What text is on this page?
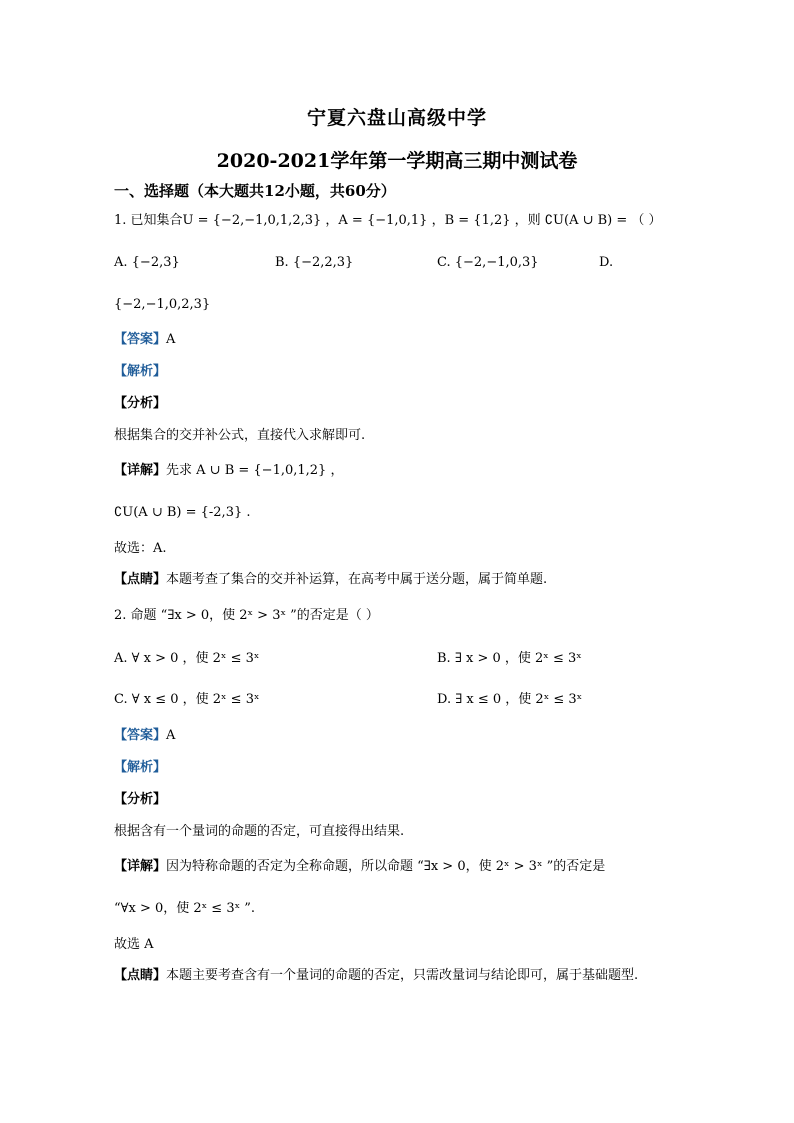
宁夏六盘山高级中学
2020-2021学年第一学期高三期中测试卷
一、选择题（本大题共12小题，共60分）
1. 已知集合U = {−2,−1,0,1,2,3} ，A = {−1,0,1} ，B = {1,2} ，则 ∁U(A ∪ B) = （ ）
A. {−2,3}	B. {−2,2,3}	C. {−2,−1,0,3}	D.
{−2,−1,0,2,3}
【答案】A
【解析】
【分析】
根据集合的交并补公式，直接代入求解即可.
【详解】先求 A ∪ B = {−1,0,1,2} ，
∁U(A ∪ B) = {-2,3} .
故选：A.
【点睛】本题考查了集合的交并补运算，在高考中属于送分题，属于简单题.
2. 命题 “∃x > 0，使 2ˣ > 3ˣ ”的否定是（ ）
A. ∀ x > 0 ，使 2ˣ ≤ 3ˣ	B. ∃ x > 0 ，使 2ˣ ≤ 3ˣ
C. ∀ x ≤ 0 ，使 2ˣ ≤ 3ˣ	D. ∃ x ≤ 0 ，使 2ˣ ≤ 3ˣ
【答案】A
【解析】
【分析】
根据含有一个量词的命题的否定，可直接得出结果.
【详解】因为特称命题的否定为全称命题，所以命题 “∃x > 0，使 2ˣ > 3ˣ ”的否定是
“∀x > 0，使 2ˣ ≤ 3ˣ ”.
故选 A
【点睛】本题主要考查含有一个量词的命题的否定，只需改量词与结论即可，属于基础题型.
